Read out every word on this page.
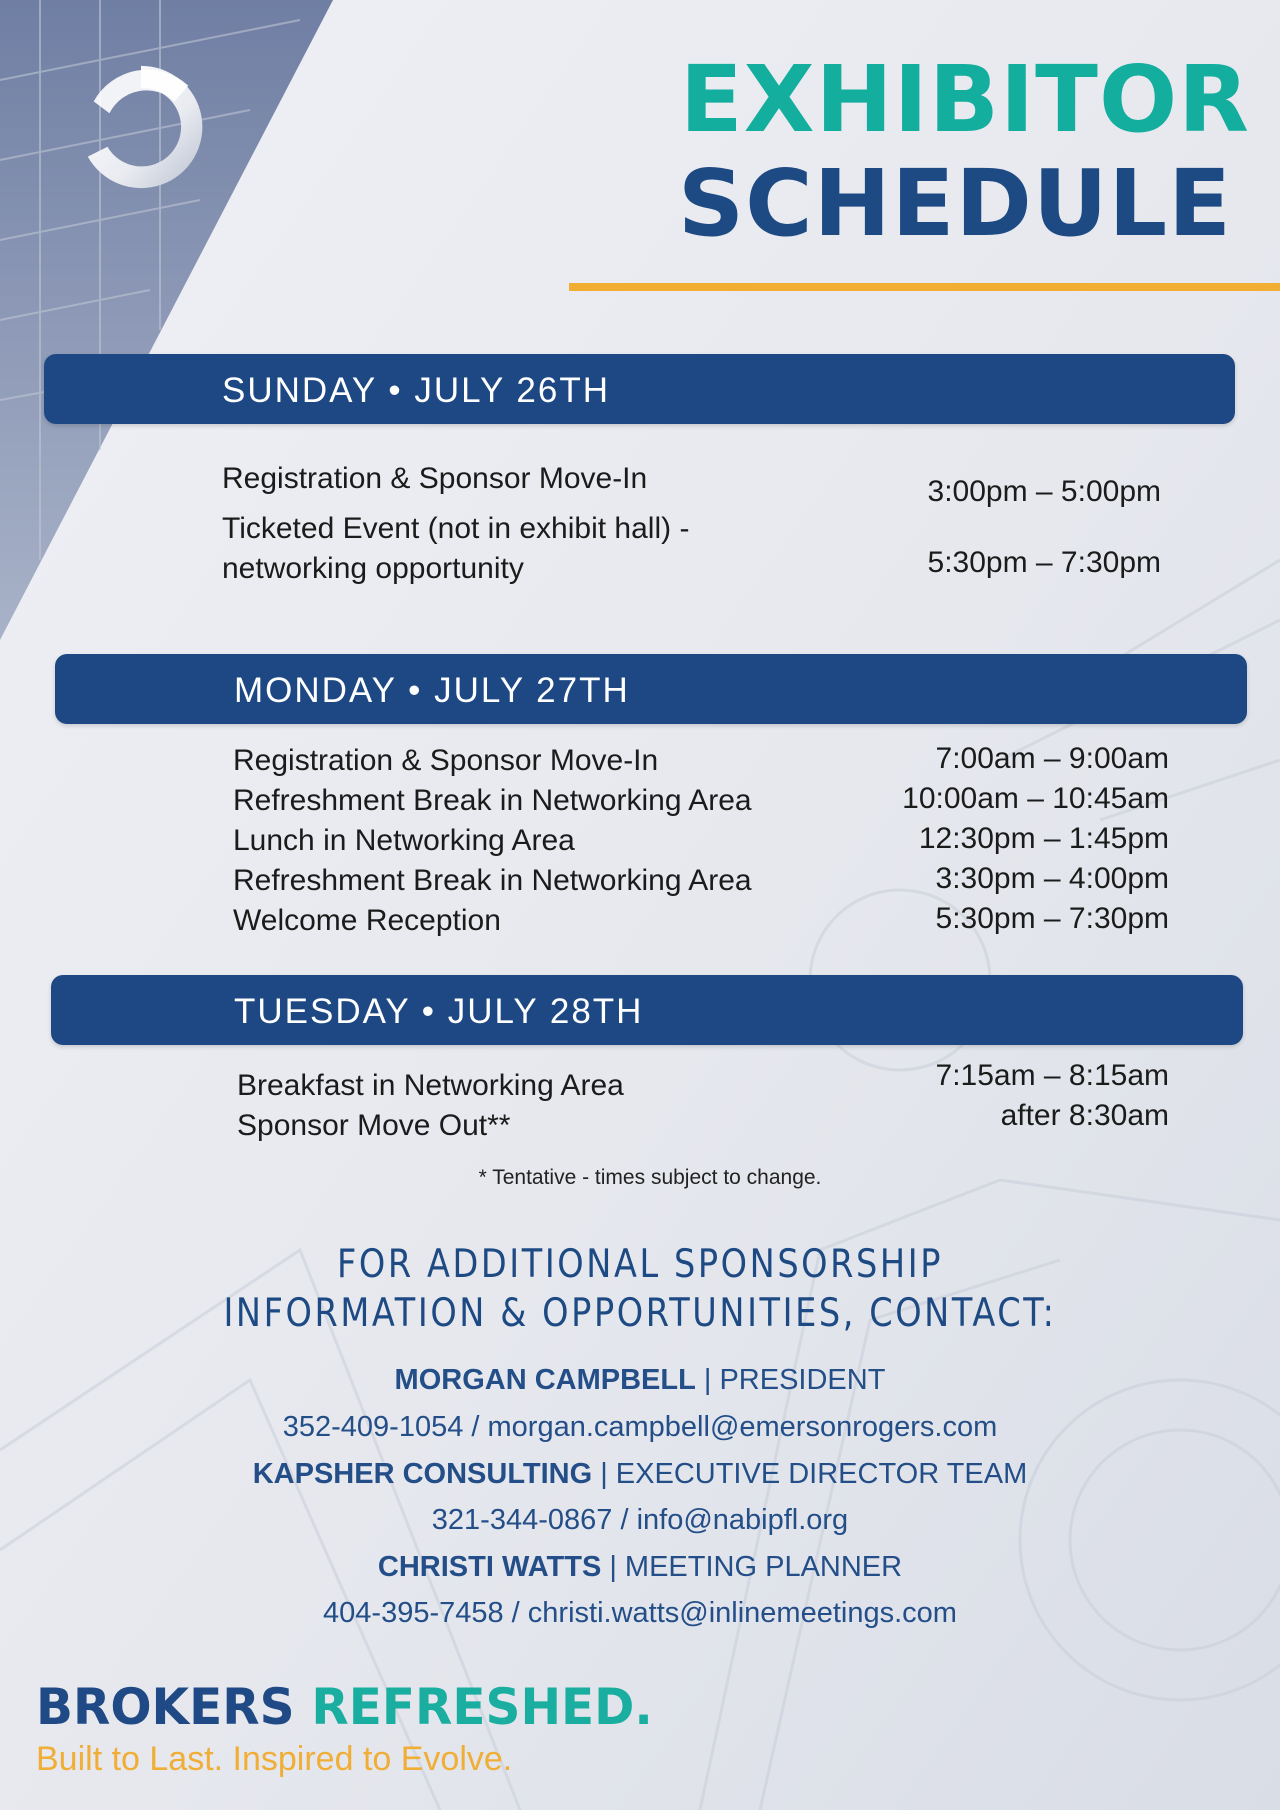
EXHIBITOR
SCHEDULE
SUNDAY • JULY 26TH
Registration & Sponsor Move-In	3:00pm – 5:00pm
Ticketed Event (not in exhibit hall) -
networking opportunity	5:30pm – 7:30pm
MONDAY • JULY 27TH
Registration & Sponsor Move-In	7:00am – 9:00am
Refreshment Break in Networking Area	10:00am – 10:45am
Lunch in Networking Area	12:30pm – 1:45pm
Refreshment Break in Networking Area	3:30pm – 4:00pm
Welcome Reception	5:30pm – 7:30pm
TUESDAY • JULY 28TH
Breakfast in Networking Area	7:15am – 8:15am
Sponsor Move Out**	after 8:30am
* Tentative - times subject to change.
FOR ADDITIONAL SPONSORSHIP
INFORMATION & OPPORTUNITIES, CONTACT:
MORGAN CAMPBELL | PRESIDENT
352-409-1054 / morgan.campbell@emersonrogers.com
KAPSHER CONSULTING | EXECUTIVE DIRECTOR TEAM
321-344-0867 / info@nabipfl.org
CHRISTI WATTS | MEETING PLANNER
404-395-7458 / christi.watts@inlinemeetings.com
BROKERS REFRESHED.
Built to Last. Inspired to Evolve.
